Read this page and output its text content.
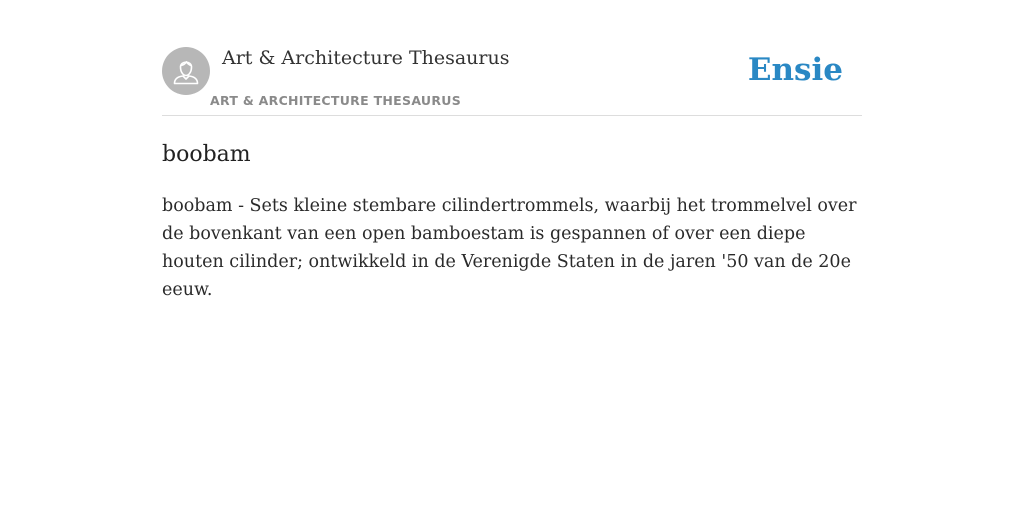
Art & Architecture Thesaurus
ART & ARCHITECTURE THESAURUS
Ensie
boobam

boobam - Sets kleine stembare cilindertrommels, waarbij het trommelvel over de bovenkant van een open bamboestam is gespannen of over een diepe houten cilinder; ontwikkeld in de Verenigde Staten in de jaren '50 van de 20e eeuw.
